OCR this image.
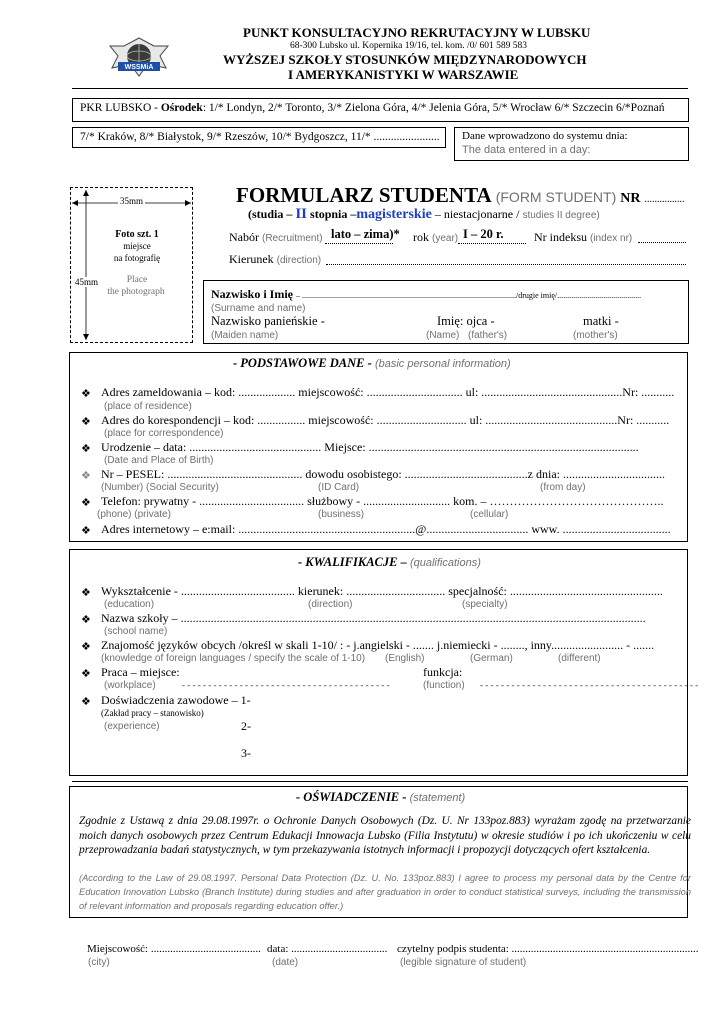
WSSMiA
PUNKT KONSULTACYJNO REKRUTACYJNY W LUBSKU
68-300 Lubsko ul. Kopernika 19/16, tel. kom. /0/ 601 589 583
WYŻSZEJ SZKOŁY STOSUNKÓW MIĘDZYNARODOWYCH
I AMERYKANISTYKI W WARSZAWIE
PKR LUBSKO - Ośrodek: 1/* Londyn, 2/* Toronto, 3/* Zielona Góra, 4/* Jelenia Góra, 5/* Wrocław 6/* Szczecin 6/*Poznań
7/* Kraków, 8/* Białystok, 9/* Rzeszów, 10/* Bydgoszcz, 11/* ....................... Dane wprowadzono do systemu dnia:
The data entered in a day:
35mm
45mm
Foto szt. 1
miejsce
na fotografię
Place
the photograph
FORMULARZ STUDENTA (FORM STUDENT) NR ................
(studia – II stopnia –magisterskie – niestacjonarne / studies II degree)
Nabór (Recruitment) lato – zima)* rok (year) I – 20 r.	Nr indeksu (index nr)
Kierunek (direction)
Nazwisko i Imię – .........................................................................................................../drugie imię/..........................................
(Surname and name)
Nazwisko panieńskie -	Imię: ojca -	matki -
(Maiden name)	(Name) (father's)	(mother's)
- PODSTAWOWE DANE - (basic personal information)
❖ Adres zameldowania – kod: ................... miejscowość: ................................ ul: ...............................................Nr: ...........
(place of residence)
❖ Adres do korespondencji – kod: ................ miejscowość: .............................. ul: ............................................Nr: ...........
(place for correspondence)
❖ Urodzenie – data: ............................................ Miejsce: ..........................................................................................
(Date and Place of Birth)
❖ Nr – PESEL: ............................................. dowodu osobistego: .........................................z dnia: ..................................
(Number) (Social Security)	(ID Card)	(from day)
❖ Telefon: prywatny - ................................... służbowy - ............................. kom. – ……………………………………..
(phone) (private)	(business)	(cellular)
❖ Adres internetowy – e:mail: ...........................................................@.................................. www. ....................................
- KWALIFIKACJE – (qualifications)
❖ Wykształcenie - ...................................... kierunek: ................................. specjalność: ...................................................
(education)	(direction)	(specialty)
❖ Nazwa szkoły – ...........................................................................................................................................................
(school name)
❖ Znajomość języków obcych /określ w skali 1-10/ : - j.angielski - ....... j.niemiecki - ........, inny........................ - .......
(knowledge of foreign languages / specify the scale of 1-10) (English)	(German)	(different)
❖ Praca – miejsce:	funkcja:
(workplace)	- - - - - - - - - - - - - - - - - - - - - - - - - - - - - - - - - - - - - - - -	(function) - - - - - - - - - - - - - - - - - - - - - - - - - - - - - - - - - - - - - - - - - -
❖ Doświadczenia zawodowe – 1-
(Zakład pracy – stanowisko)
(experience)	2-
3-
- OŚWIADCZENIE - (statement)
Zgodnie z Ustawą z dnia 29.08.1997r. o Ochronie Danych Osobowych (Dz. U. Nr 133poz.883) wyrażam zgodę na przetwarzanie moich danych osobowych przez Centrum Edukacji Innowacja Lubsko (Filia Instytutu) w okresie studiów i po ich ukończeniu w celu przeprowadzania badań statystycznych, w tym przekazywania istotnych informacji i propozycji dotyczących ofert kształcenia.
(According to the Law of 29.08.1997. Personal Data Protection (Dz. U. No. 133poz.883) I agree to process my personal data by the Centre for Education Innovation Lubsko (Branch Institute) during studies and after graduation in order to conduct statistical surveys, including the transmission of relevant information and proposals regarding education offer.)
Miejscowość: ........................................ data: ................................... czytelny podpis studenta: ....................................................................
(city)	(date)	(legible signature of student)
